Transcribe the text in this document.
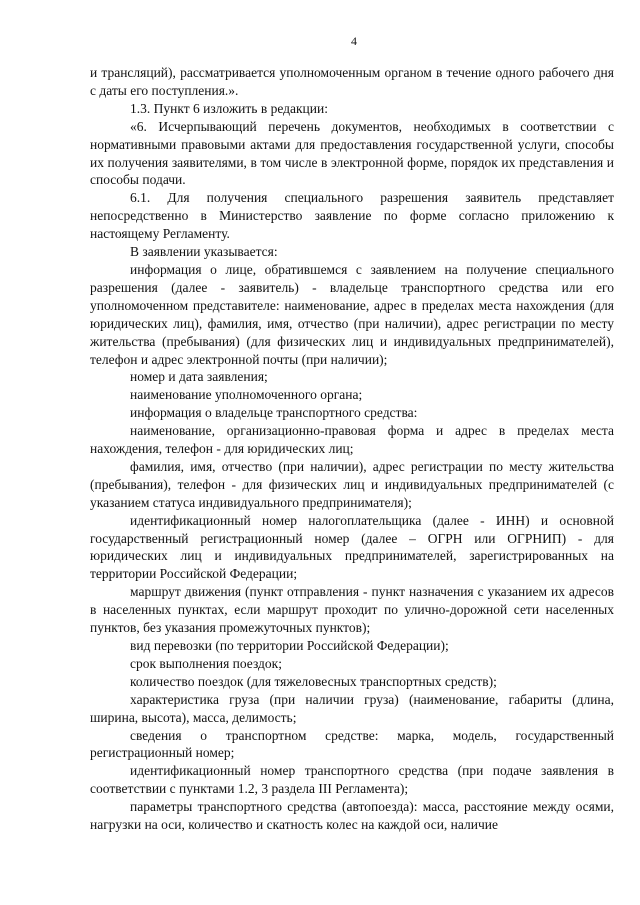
4

и трансляций), рассматривается уполномоченным органом в течение одного рабочего дня с даты его поступления.».

1.3. Пункт 6 изложить в редакции:

«6. Исчерпывающий перечень документов, необходимых в соответствии с нормативными правовыми актами для предоставления государственной услуги, способы их получения заявителями, в том числе в электронной форме, порядок их представления и способы подачи.

6.1. Для получения специального разрешения заявитель представляет непосредственно в Министерство заявление по форме согласно приложению к настоящему Регламенту.

В заявлении указывается:

информация о лице, обратившемся с заявлением на получение специального разрешения (далее - заявитель) - владельце транспортного средства или его уполномоченном представителе: наименование, адрес в пределах места нахождения (для юридических лиц), фамилия, имя, отчество (при наличии), адрес регистрации по месту жительства (пребывания) (для физических лиц и индивидуальных предпринимателей), телефон и адрес электронной почты (при наличии);

номер и дата заявления;

наименование уполномоченного органа;

информация о владельце транспортного средства:

наименование, организационно-правовая форма и адрес в пределах места нахождения, телефон - для юридических лиц;

фамилия, имя, отчество (при наличии), адрес регистрации по месту жительства (пребывания), телефон - для физических лиц и индивидуальных предпринимателей (с указанием статуса индивидуального предпринимателя);

идентификационный номер налогоплательщика (далее - ИНН) и основной государственный регистрационный номер (далее – ОГРН или ОГРНИП) - для юридических лиц и индивидуальных предпринимателей, зарегистрированных на территории Российской Федерации;

маршрут движения (пункт отправления - пункт назначения с указанием их адресов в населенных пунктах, если маршрут проходит по улично-дорожной сети населенных пунктов, без указания промежуточных пунктов);

вид перевозки (по территории Российской Федерации);

срок выполнения поездок;

количество поездок (для тяжеловесных транспортных средств);

характеристика груза (при наличии груза) (наименование, габариты (длина, ширина, высота), масса, делимость;

сведения о транспортном средстве: марка, модель, государственный регистрационный номер;

идентификационный номер транспортного средства (при подаче заявления в соответствии с пунктами 1.2, 3 раздела III Регламента);

параметры транспортного средства (автопоезда): масса, расстояние между осями, нагрузки на оси, количество и скатность колес на каждой оси, наличие
